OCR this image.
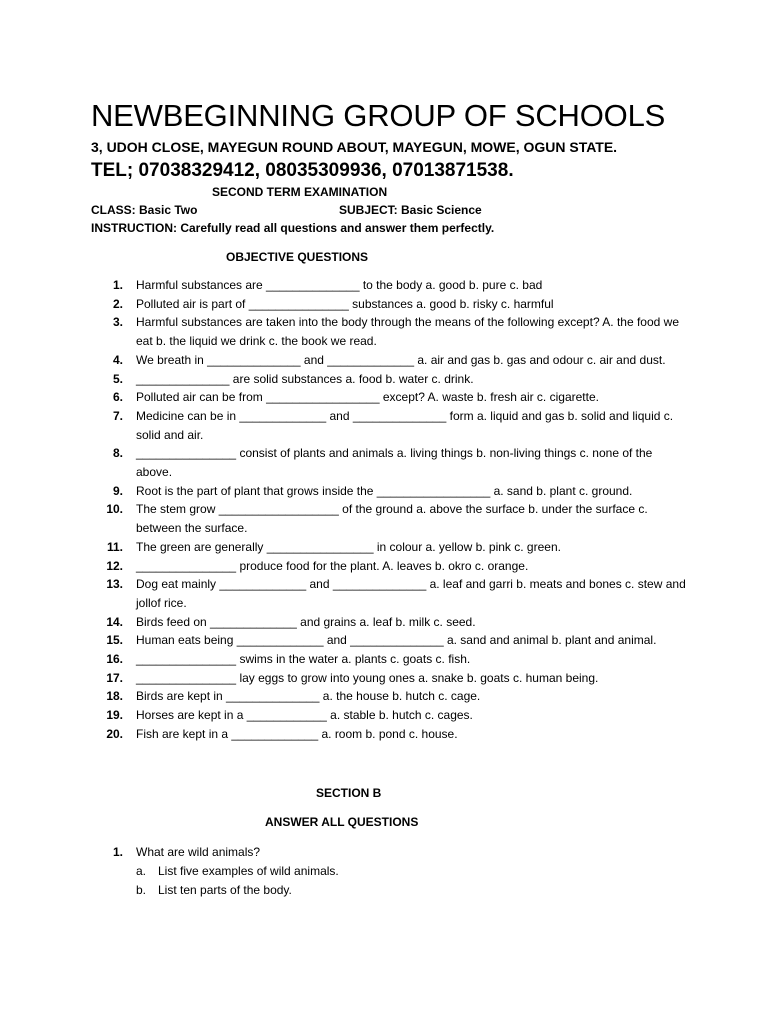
NEWBEGINNING GROUP OF SCHOOLS
3, UDOH CLOSE, MAYEGUN ROUND ABOUT, MAYEGUN, MOWE, OGUN STATE.
TEL; 07038329412, 08035309936, 07013871538.
SECOND TERM EXAMINATION
CLASS: Basic Two	SUBJECT: Basic Science
INSTRUCTION: Carefully read all questions and answer them perfectly.
OBJECTIVE QUESTIONS
1. Harmful substances are ______________ to the body a. good b. pure c. bad
2. Polluted air is part of _______________ substances a. good b. risky c. harmful
3. Harmful substances are taken into the body through the means of the following except? A. the food we eat b. the liquid we drink c. the book we read.
4. We breath in ______________ and _____________ a. air and gas b. gas and odour c. air and dust.
5. ______________ are solid substances a. food b. water c. drink.
6. Polluted air can be from _________________ except? A. waste b. fresh air c. cigarette.
7. Medicine can be in _____________ and ______________ form a. liquid and gas b. solid and liquid c. solid and air.
8. _______________ consist of plants and animals a. living things b. non-living things c. none of the above.
9. Root is the part of plant that grows inside the _________________ a. sand b. plant c. ground.
10. The stem grow __________________ of the ground a. above the surface b. under the surface c. between the surface.
11. The green are generally ________________ in colour a. yellow b. pink c. green.
12. _______________ produce food for the plant. A. leaves b. okro c. orange.
13. Dog eat mainly _____________ and ______________ a. leaf and garri b. meats and bones c. stew and jollof rice.
14. Birds feed on _____________ and grains a. leaf b. milk c. seed.
15. Human eats being _____________ and ______________ a. sand and animal b. plant and animal.
16. _______________ swims in the water a. plants c. goats c. fish.
17. _______________ lay eggs to grow into young ones a. snake b. goats c. human being.
18. Birds are kept in ______________ a. the house b. hutch c. cage.
19. Horses are kept in a ____________ a. stable b. hutch c. cages.
20. Fish are kept in a _____________ a. room b. pond c. house.
SECTION B
ANSWER ALL QUESTIONS
1. What are wild animals?
a. List five examples of wild animals.
b. List ten parts of the body.
